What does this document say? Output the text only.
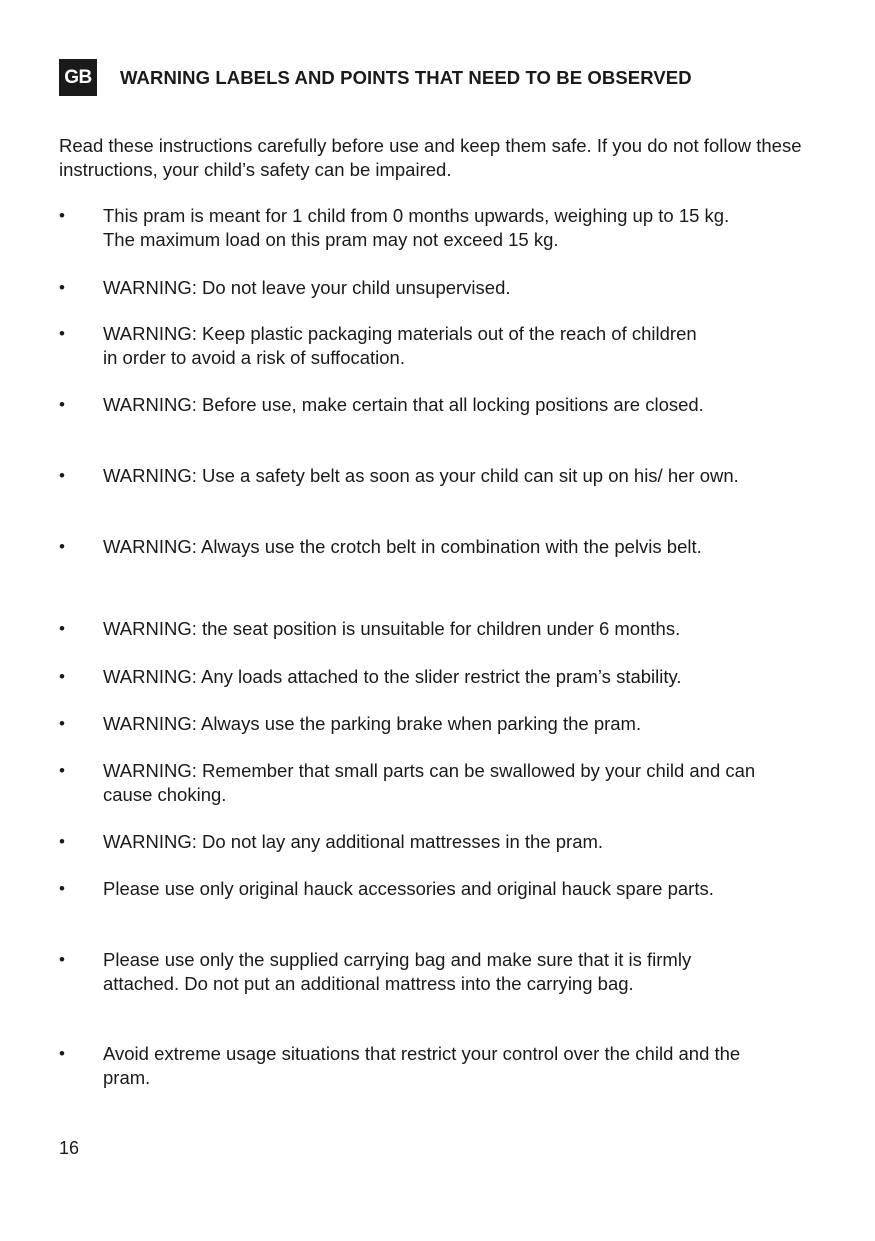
GB WARNING LABELS AND POINTS THAT NEED TO BE OBSERVED

Read these instructions carefully before use and keep them safe. If you do not follow these instructions, your child’s safety can be impaired.

• This pram is meant for 1 child from 0 months upwards, weighing up to 15 kg. The maximum load on this pram may not exceed 15 kg.
• WARNING: Do not leave your child unsupervised.
• WARNING: Keep plastic packaging materials out of the reach of children in order to avoid a risk of suffocation.
• WARNING: Before use, make certain that all locking positions are closed.
• WARNING: Use a safety belt as soon as your child can sit up on his/ her own.
• WARNING: Always use the crotch belt in combination with the pelvis belt.
• WARNING: the seat position is unsuitable for children under 6 months.
• WARNING: Any loads attached to the slider restrict the pram’s stability.
• WARNING: Always use the parking brake when parking the pram.
• WARNING: Remember that small parts can be swallowed by your child and can cause choking.
• WARNING: Do not lay any additional mattresses in the pram.
• Please use only original hauck accessories and original hauck spare parts.
• Please use only the supplied carrying bag and make sure that it is firmly attached. Do not put an additional mattress into the carrying bag.
• Avoid extreme usage situations that restrict your control over the child and the pram.
16
